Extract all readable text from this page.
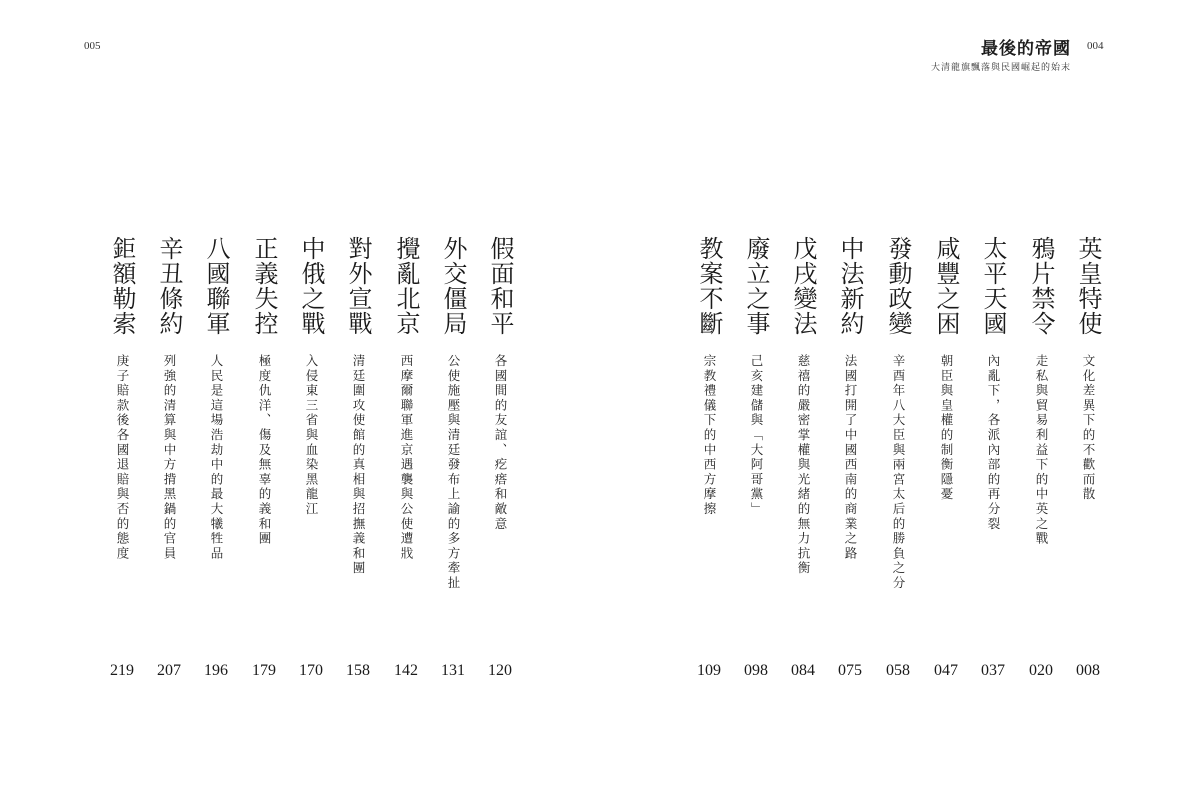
005	004
最後的帝國
大清龍旗飄落與民國崛起的始末
英皇特使
文化差異下的不歡而散
008
鴉片禁令
走私與貿易利益下的中英之戰
020
太平天國
內亂下，各派內部的再分裂
037
咸豐之困
朝臣與皇權的制衡隱憂
047
發動政變
辛酉年八大臣與兩宮太后的勝負之分
058
中法新約
法國打開了中國西南的商業之路
075
戊戌變法
慈禧的嚴密掌權與光緒的無力抗衡
084
廢立之事
己亥建儲與「大阿哥黨」
098
教案不斷
宗教禮儀下的中西方摩擦
109
假面和平
各國間的友誼、疙瘩和敵意
120
外交僵局
公使施壓與清廷發布上諭的多方牽扯
131
攪亂北京
西摩爾聯軍進京遇襲與公使遭戕
142
對外宣戰
清廷圍攻使館的真相與招撫義和團
158
中俄之戰
入侵東三省與血染黑龍江
170
正義失控
極度仇洋、傷及無辜的義和團
179
八國聯軍
人民是這場浩劫中的最大犧牲品
196
辛丑條約
列強的清算與中方揹黑鍋的官員
207
鉅額勒索
庚子賠款後各國退賠與否的態度
219
